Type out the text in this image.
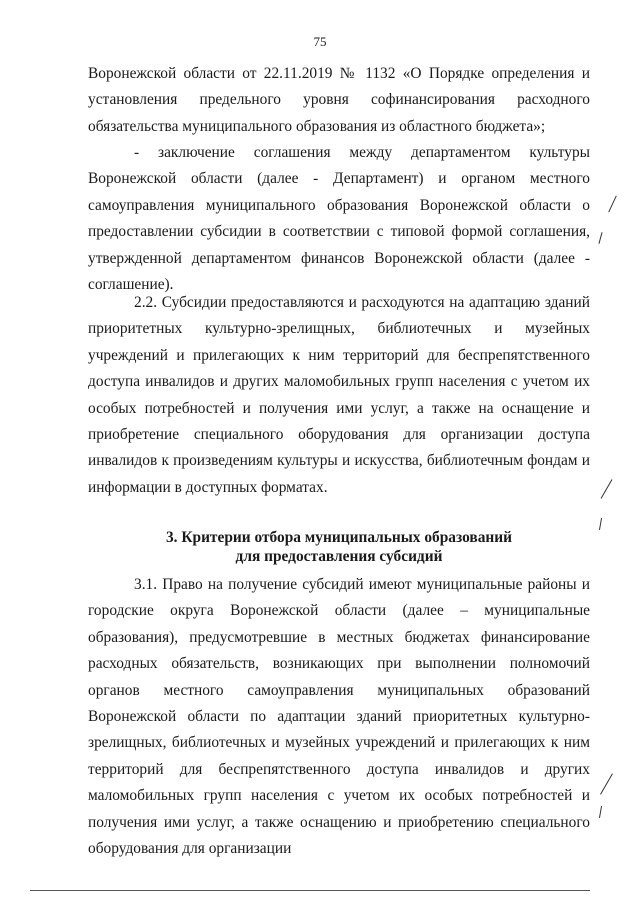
75
Воронежской области от 22.11.2019 № 1132 «О Порядке определения и установления предельного уровня софинансирования расходного обязательства муниципального образования из областного бюджета»;
- заключение соглашения между департаментом культуры Воронежской области (далее - Департамент) и органом местного самоуправления муниципального образования Воронежской области о предоставлении субсидии в соответствии с типовой формой соглашения, утвержденной департаментом финансов Воронежской области (далее - соглашение).
2.2. Субсидии предоставляются и расходуются на адаптацию зданий приоритетных культурно-зрелищных, библиотечных и музейных учреждений и прилегающих к ним территорий для беспрепятственного доступа инвалидов и других маломобильных групп населения с учетом их особых потребностей и получения ими услуг, а также на оснащение и приобретение специального оборудования для организации доступа инвалидов к произведениям культуры и искусства, библиотечным фондам и информации в доступных форматах.
3. Критерии отбора муниципальных образований
для предоставления субсидий
3.1. Право на получение субсидий имеют муниципальные районы и городские округа Воронежской области (далее – муниципальные образования), предусмотревшие в местных бюджетах финансирование расходных обязательств, возникающих при выполнении полномочий органов местного самоуправления муниципальных образований Воронежской области по адаптации зданий приоритетных культурно-зрелищных, библиотечных и музейных учреждений и прилегающих к ним территорий для беспрепятственного доступа инвалидов и других маломобильных групп населения с учетом их особых потребностей и получения ими услуг, а также оснащению и приобретению специального оборудования для организации
